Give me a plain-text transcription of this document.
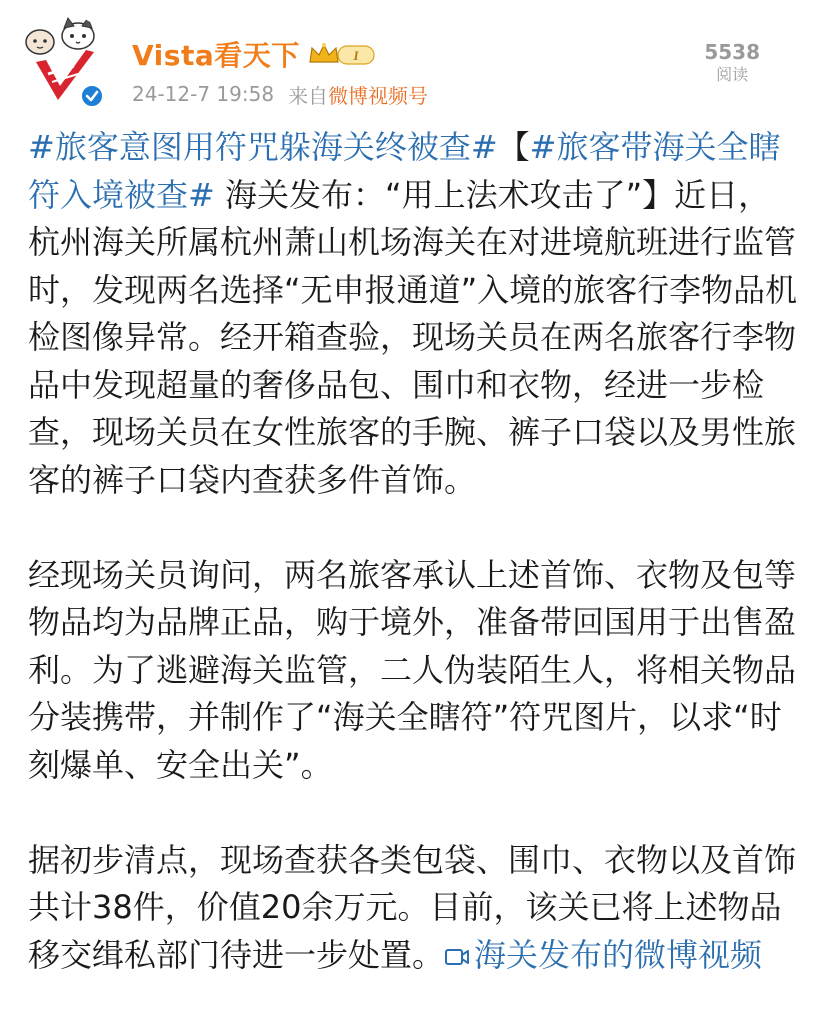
Vista看天下	I
24-12-7 19:58 来自 微博视频号
5538
阅读

#旅客意图用符咒躲海关终被查#【#旅客带海关全瞎符入境被查# 海关发布：“用上法术攻击了”】近日，杭州海关所属杭州萧山机场海关在对进境航班进行监管时，发现两名选择“无申报通道”入境的旅客行李物品机检图像异常。经开箱查验，现场关员在两名旅客行李物品中发现超量的奢侈品包、围巾和衣物，经进一步检查，现场关员在女性旅客的手腕、裤子口袋以及男性旅客的裤子口袋内查获多件首饰。

经现场关员询问，两名旅客承认上述首饰、衣物及包等物品均为品牌正品，购于境外，准备带回国用于出售盈利。为了逃避海关监管，二人伪装陌生人，将相关物品分装携带，并制作了“海关全瞎符”符咒图片，以求“时刻爆单、安全出关”。

据初步清点，现场查获各类包袋、围巾、衣物以及首饰共计38件，价值20余万元。目前，该关已将上述物品移交缉私部门待进一步处置。 海关发布的微博视频
